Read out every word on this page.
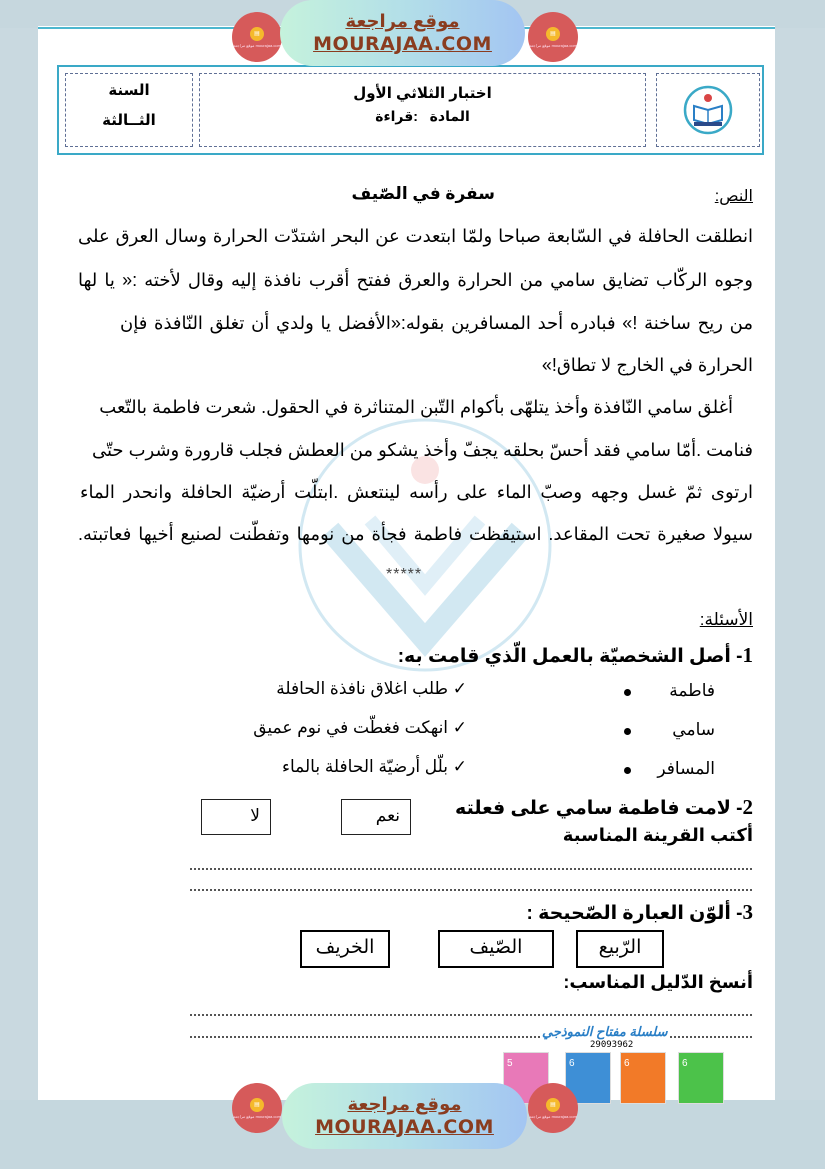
▤
موقع مراجعة mourajaa.com
موقع مراجعة
MOURAJAA.COM	▤
موقع مراجعة mourajaa.com
السنة
الثــالثة
اختبار الثلاثي الأول
المادة   :قراءة
النص:
سفرة في الصّيف
انطلقت الحافلة في السّابعة صباحا ولمّا ابتعدت عن البحر اشتدّت الحرارة وسال العرق على
وجوه الركّاب تضايق سامي من الحرارة والعرق ففتح أقرب نافذة إليه وقال لأخته :« يا لها
من ريح ساخنة !» فبادره أحد المسافرين بقوله:«الأفضل يا ولدي أن تغلق النّافذة فإن
الحرارة في الخارج لا تطاق!»
أغلق سامي النّافذة وأخذ يتلهّى بأكوام التّبن المتناثرة في الحقول. شعرت فاطمة بالتّعب
فنامت .أمّا سامي فقد أحسّ بحلقه يجفّ وأخذ يشكو من العطش فجلب قارورة وشرب حتّى
ارتوى ثمّ غسل وجهه وصبّ الماء على رأسه لينتعش .ابتلّت أرضيّة الحافلة وانحدر الماء
سيولا صغيرة تحت المقاعد. استيقظت فاطمة فجأة من نومها وتفطّنت لصنيع أخيها فعاتبته.
*****
الأسئلة:
1- أصل الشخصيّة بالعمل الّذي قامت به:
فاطمة
سامي
المسافر
✓ طلب اغلاق نافذة الحافلة
✓ انهكت فغطّت في نوم عميق
✓ بلّل أرضيّة الحافلة بالماء
2- لامت فاطمة سامي على فعلته
أكتب القرينة المناسبة
نعم
لا
3- ألوّن العبارة الصّحيحة :
الرّبيع
الصّيف
الخريف
أنسخ الدّليل المناسب:
سلسلة مفتاح النموذجي
29093962
5	6	6	6
▤
موقع مراجعة mourajaa.com
موقع مراجعة
MOURAJAA.COM
▤
موقع مراجعة mourajaa.com
